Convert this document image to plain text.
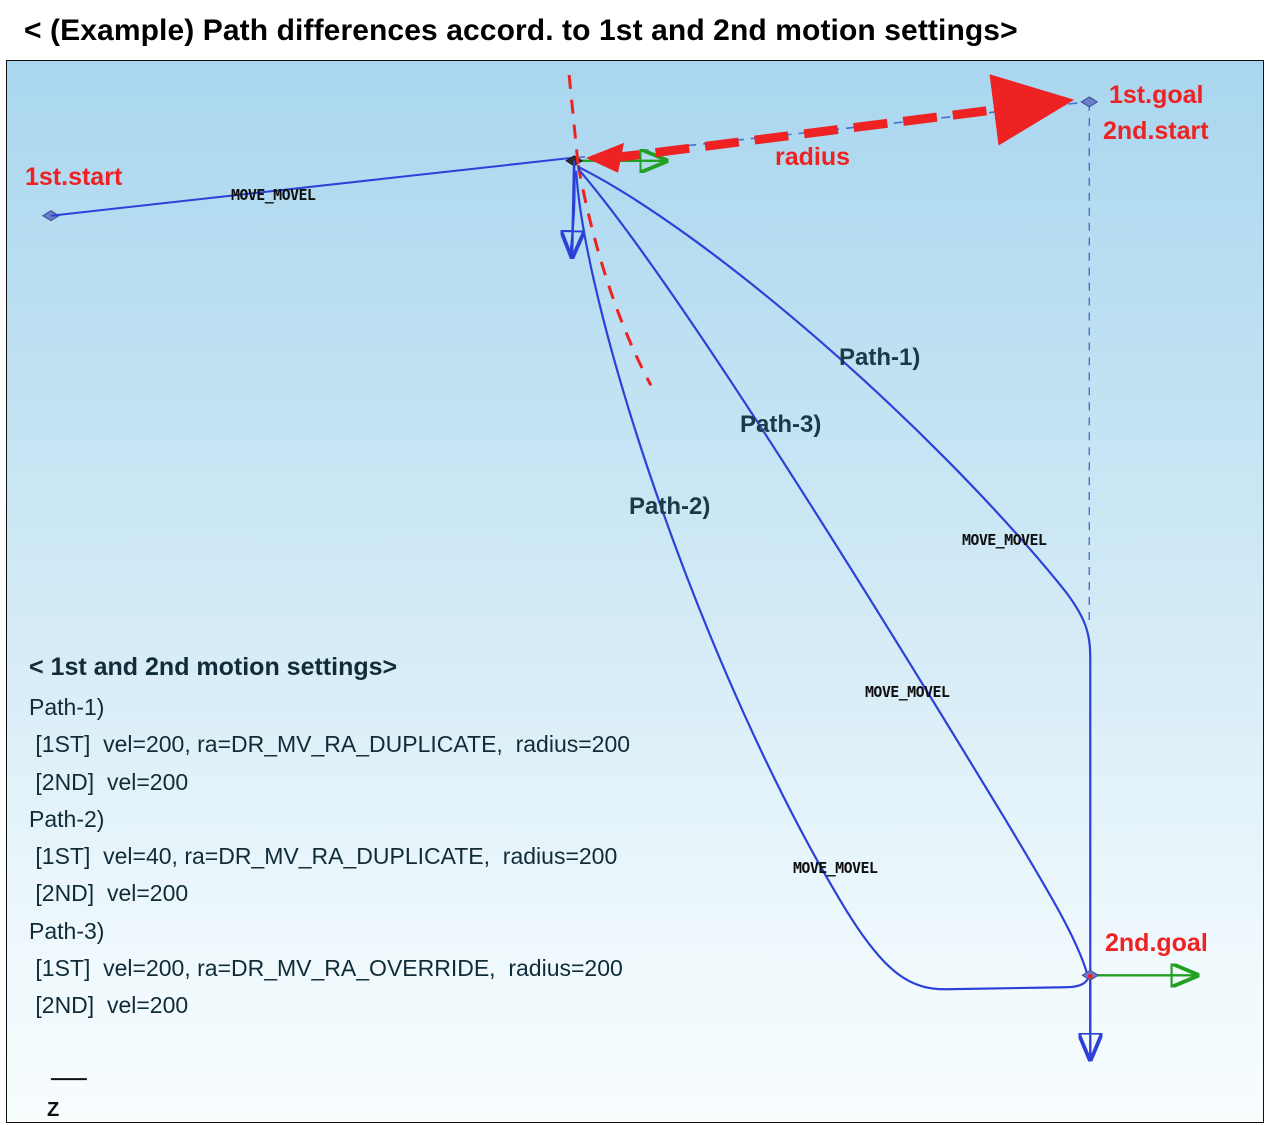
< (Example) Path differences accord. to 1st and 2nd motion settings>
1st.start
1st.goal
2nd.start
2nd.goal
radius
Path-1)
Path-3)
Path-2)
MOVE_MOVEL
MOVE_MOVEL
MOVE_MOVEL
MOVE_MOVEL
< 1st and 2nd motion settings>
Path-1)
[1ST]  vel=200, ra=DR_MV_RA_DUPLICATE,  radius=200
[2ND]  vel=200
Path-2)
[1ST]  vel=40, ra=DR_MV_RA_DUPLICATE,  radius=200
[2ND]  vel=200
Path-3)
[1ST]  vel=200, ra=DR_MV_RA_OVERRIDE,  radius=200
[2ND]  vel=200
Z
